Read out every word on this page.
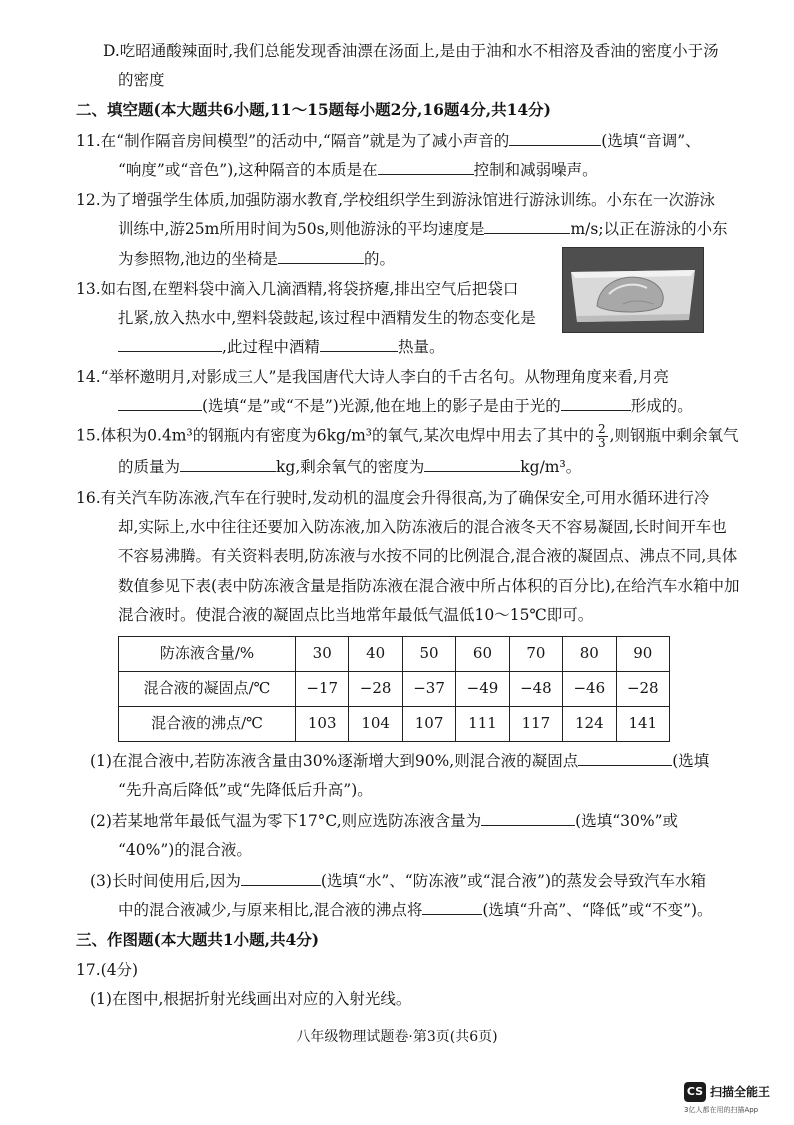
D.吃昭通酸辣面时,我们总能发现香油漂在汤面上,是由于油和水不相溶及香油的密度小于汤
的密度
二、填空题(本大题共6小题,11～15题每小题2分,16题4分,共14分)
11.在“制作隔音房间模型”的活动中,“隔音”就是为了减小声音的	(选填“音调”、
“响度”或“音色”),这种隔音的本质是在	控制和减弱噪声。
12.为了增强学生体质,加强防溺水教育,学校组织学生到游泳馆进行游泳训练。小东在一次游泳
训练中,游25m所用时间为50s,则他游泳的平均速度是	m/s;以正在游泳的小东
为参照物,池边的坐椅是	的。
13.如右图,在塑料袋中滴入几滴酒精,将袋挤瘪,排出空气后把袋口
扎紧,放入热水中,塑料袋鼓起,该过程中酒精发生的物态变化是
,此过程中酒精	热量。
14.“举杯邀明月,对影成三人”是我国唐代大诗人李白的千古名句。从物理角度来看,月亮
(选填“是”或“不是”)光源,他在地上的影子是由于光的	形成的。
15.体积为0.4m³的钢瓶内有密度为6kg/m³的氧气,某次电焊中用去了其中的 $\frac{2}{3}$ ,则钢瓶中剩余氧气
的质量为	kg,剩余氧气的密度为	kg/m³。
16.有关汽车防冻液,汽车在行驶时,发动机的温度会升得很高,为了确保安全,可用水循环进行冷
却,实际上,水中往往还要加入防冻液,加入防冻液后的混合液冬天不容易凝固,长时间开车也
不容易沸腾。有关资料表明,防冻液与水按不同的比例混合,混合液的凝固点、沸点不同,具体
数值参见下表(表中防冻液含量是指防冻液在混合液中所占体积的百分比),在给汽车水箱中加
混合液时。使混合液的凝固点比当地常年最低气温低10～15℃即可。
防冻液含量/%	30	40	50	60	70	80	90
混合液的凝固点/℃	−17	−28	−37	−49	−48	−46	−28
混合液的沸点/℃	103	104	107	111	117	124	141
(1)在混合液中,若防冻液含量由30%逐渐增大到90%,则混合液的凝固点	(选填
“先升高后降低”或“先降低后升高”)。
(2)若某地常年最低气温为零下17°C,则应选防冻液含量为	(选填“30%”或
“40%”)的混合液。
(3)长时间使用后,因为	(选填“水”、“防冻液”或“混合液”)的蒸发会导致汽车水箱
中的混合液减少,与原来相比,混合液的沸点将	(选填“升高”、“降低”或“不变”)。
三、作图题(本大题共1小题,共4分)
17.(4分)
(1)在图中,根据折射光线画出对应的入射光线。
八年级物理试题卷·第3页(共6页)
CS 扫描全能王
3亿人都在用的扫描App
